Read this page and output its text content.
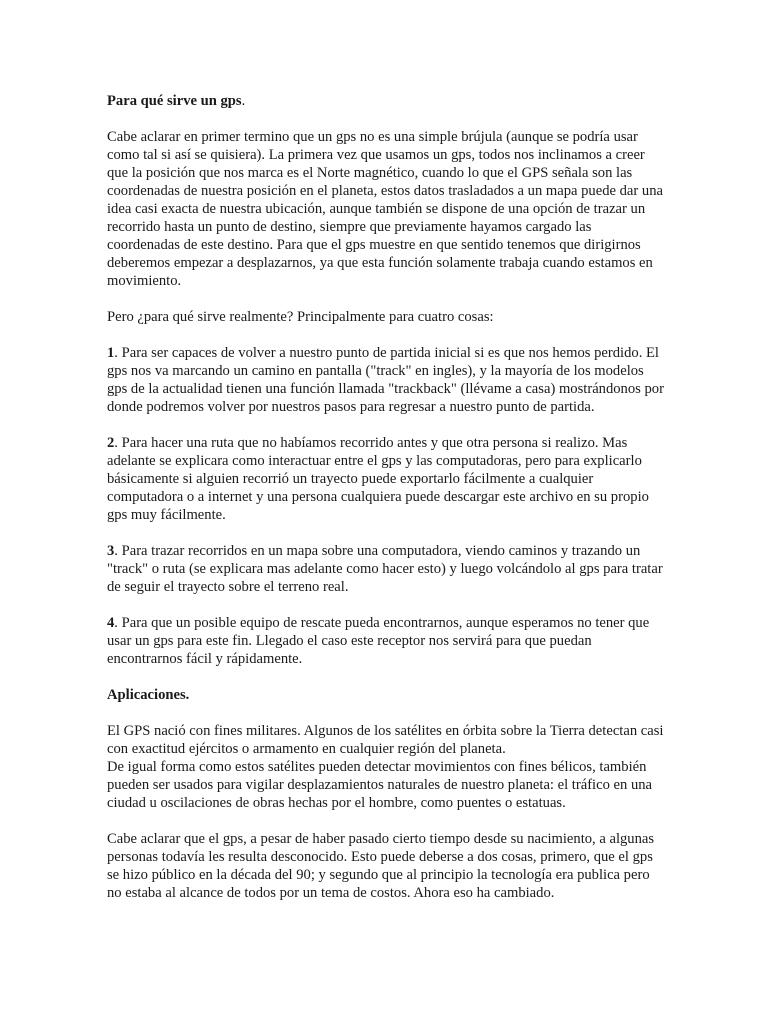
Para qué sirve un gps.

Cabe aclarar en primer termino que un gps no es una simple brújula (aunque se podría usar como tal si así se quisiera). La primera vez que usamos un gps, todos nos inclinamos a creer que la posición que nos marca es el Norte magnético, cuando lo que el GPS señala son las coordenadas de nuestra posición en el planeta, estos datos trasladados a un mapa puede dar una idea casi exacta de nuestra ubicación, aunque también se dispone de una opción de trazar un recorrido hasta un punto de destino, siempre que previamente hayamos cargado las coordenadas de este destino. Para que el gps muestre en que sentido tenemos que dirigirnos deberemos empezar a desplazarnos, ya que esta función solamente trabaja cuando estamos en movimiento.

Pero ¿para qué sirve realmente? Principalmente para cuatro cosas:

1. Para ser capaces de volver a nuestro punto de partida inicial si es que nos hemos perdido. El gps nos va marcando un camino en pantalla ("track" en ingles), y la mayoría de los modelos gps de la actualidad tienen una función llamada "trackback" (llévame a casa) mostrándonos por donde podremos volver por nuestros pasos para regresar a nuestro punto de partida.

2. Para hacer una ruta que no habíamos recorrido antes y que otra persona si realizo. Mas adelante se explicara como interactuar entre el gps y las computadoras, pero para explicarlo básicamente si alguien recorrió un trayecto puede exportarlo fácilmente a cualquier computadora o a internet y una persona cualquiera puede descargar este archivo en su propio gps muy fácilmente.

3. Para trazar recorridos en un mapa sobre una computadora, viendo caminos y trazando un "track" o ruta (se explicara mas adelante como hacer esto) y luego volcándolo al gps para tratar de seguir el trayecto sobre el terreno real.

4. Para que un posible equipo de rescate pueda encontrarnos, aunque esperamos no tener que usar un gps para este fin. Llegado el caso este receptor nos servirá para que puedan encontrarnos fácil y rápidamente.

Aplicaciones.

El GPS nació con fines militares. Algunos de los satélites en órbita sobre la Tierra detectan casi con exactitud ejércitos o armamento en cualquier región del planeta.
De igual forma como estos satélites pueden detectar movimientos con fines bélicos, también pueden ser usados para vigilar desplazamientos naturales de nuestro planeta: el tráfico en una ciudad u oscilaciones de obras hechas por el hombre, como puentes o estatuas.

Cabe aclarar que el gps, a pesar de haber pasado cierto tiempo desde su nacimiento, a algunas personas todavía les resulta desconocido. Esto puede deberse a dos cosas, primero, que el gps se hizo público en la década del 90; y segundo que al principio la tecnología era publica pero no estaba al alcance de todos por un tema de costos. Ahora eso ha cambiado.
